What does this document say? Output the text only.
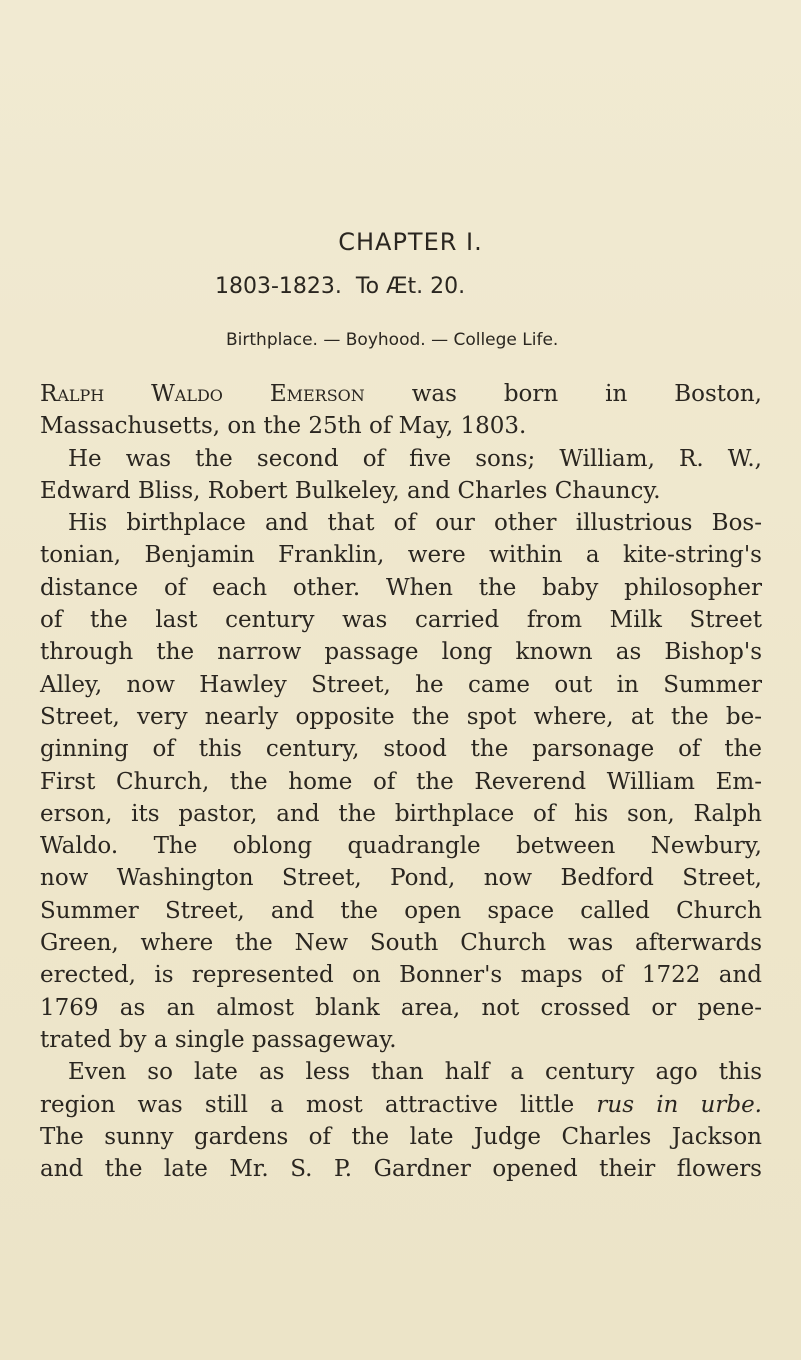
CHAPTER I.
1803-1823. To Æt. 20.
Birthplace. — Boyhood. — College Life.
Ralph Waldo Emerson was born in Boston,
Massachusetts, on the 25th of May, 1803.
He was the second of five sons; William, R. W.,
Edward Bliss, Robert Bulkeley, and Charles Chauncy.
His birthplace and that of our other illustrious Bos-
tonian, Benjamin Franklin, were within a kite-string's
distance of each other. When the baby philosopher
of the last century was carried from Milk Street
through the narrow passage long known as Bishop's
Alley, now Hawley Street, he came out in Summer
Street, very nearly opposite the spot where, at the be-
ginning of this century, stood the parsonage of the
First Church, the home of the Reverend William Em-
erson, its pastor, and the birthplace of his son, Ralph
Waldo. The oblong quadrangle between Newbury,
now Washington Street, Pond, now Bedford Street,
Summer Street, and the open space called Church
Green, where the New South Church was afterwards
erected, is represented on Bonner's maps of 1722 and
1769 as an almost blank area, not crossed or pene-
trated by a single passageway.
Even so late as less than half a century ago this
region was still a most attractive little rus in urbe.
The sunny gardens of the late Judge Charles Jackson
and the late Mr. S. P. Gardner opened their flowers
